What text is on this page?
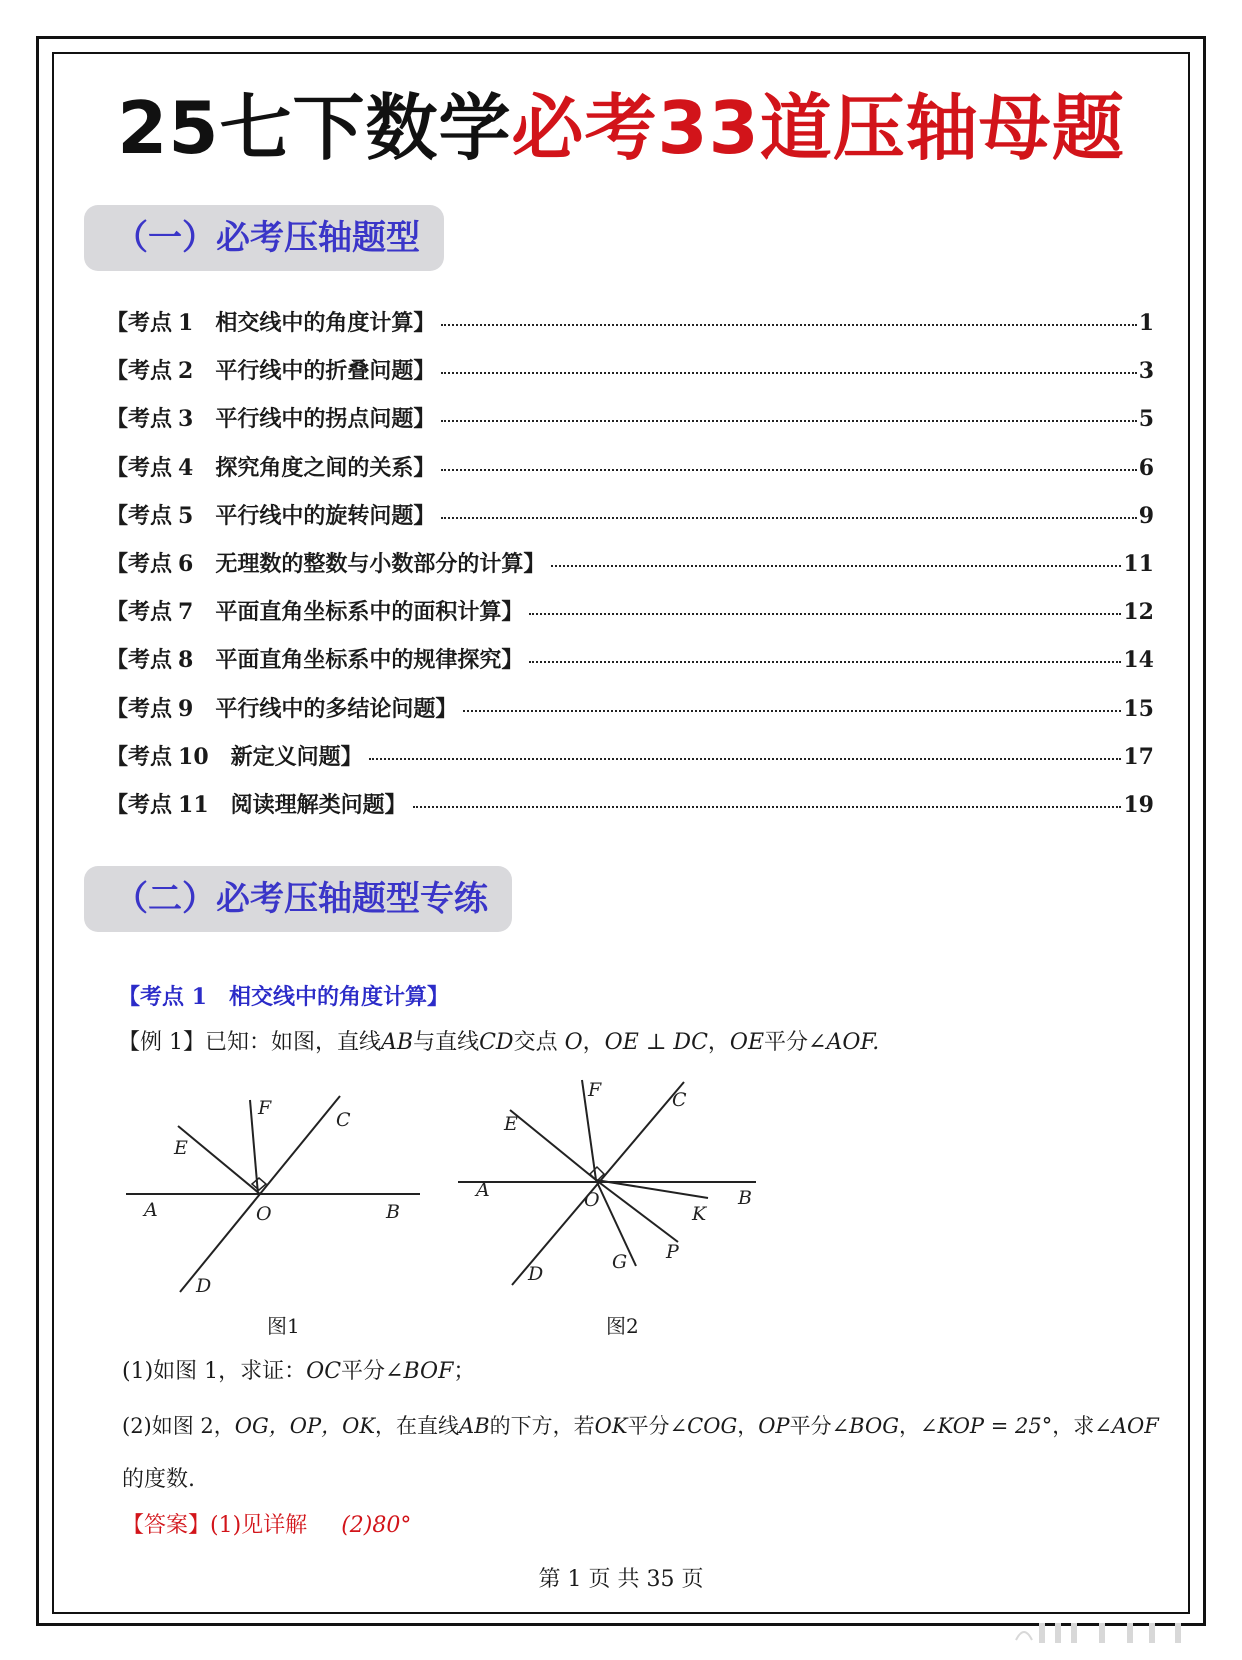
25七下数学必考33道压轴母题
（一）必考压轴题型
【考点 1 相交线中的角度计算】	1
【考点 2 平行线中的折叠问题】	3
【考点 3 平行线中的拐点问题】	5
【考点 4 探究角度之间的关系】	6
【考点 5 平行线中的旋转问题】	9
【考点 6 无理数的整数与小数部分的计算】	11
【考点 7 平面直角坐标系中的面积计算】	12
【考点 8 平面直角坐标系中的规律探究】	14
【考点 9 平行线中的多结论问题】	15
【考点 10 新定义问题】	17
【考点 11 阅读理解类问题】	19
（二）必考压轴题型专练
【考点 1　相交线中的角度计算】
【例 1】已知：如图，直线AB与直线CD交点 O，OE ⊥ DC，OE平分∠AOF.
F
C
E
A	O	B
D
图1
F	C
E
A	O
K
B
P
G
D
图2
(1)如图 1，求证：OC平分∠BOF；
(2)如图 2，OG，OP，OK，在直线AB的下方，若OK平分∠COG，OP平分∠BOG，∠KOP = 25°，求∠AOF
的度数.
【答案】(1)见详解 (2)80°
第 1 页 共 35 页
